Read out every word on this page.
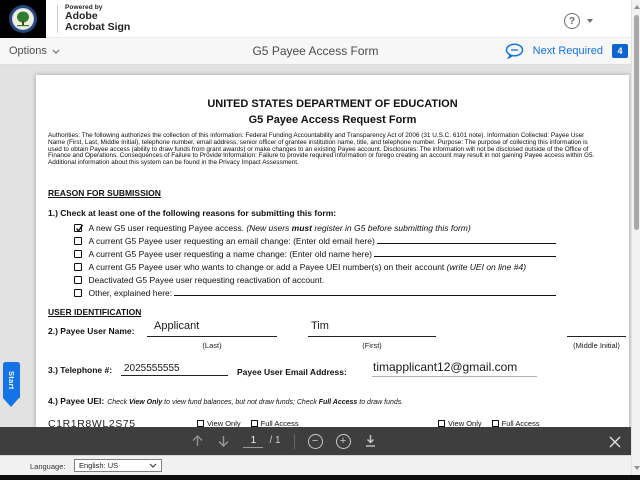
Powered by
Adobe
Acrobat Sign	?
Options	G5 Payee Access Form	Next Required	4
UNITED STATES DEPARTMENT OF EDUCATION
G5 Payee Access Request Form
Authorities: The following authorizes the collection of this information: Federal Funding Accountability and Transparency Act of 2006 (31 U.S.C. 6101 note). Information Collected: Payee User Name (First, Last, Middle Initial), telephone number, email address, senior officer of grantee institution name, title, and telephone number. Purpose: The purpose of collecting this information is used to obtain Payee access (ability to draw funds from grant awards) or make changes to an existing Payee account. Disclosures: The information will not be disclosed outside of the Office of Finance and Operations. Consequences of Failure to Provide Information: Failure to provide required information or forego creating an account may result in not gaining Payee access within G5. Additional information about this system can be found in the Privacy Impact Assessment.
REASON FOR SUBMISSION
1.) Check at least one of the following reasons for submitting this form:
A new G5 user requesting Payee access. (New users must register in G5 before submitting this form)
A current G5 Payee user requesting an email change: (Enter old email here)
A current G5 Payee user requesting a name change: (Enter old name here)
A current G5 Payee user who wants to change or add a Payee UEI number(s) on their account (write UEI on line #4)
Deactivated G5 Payee user requesting reactivation of account.
Other, explained here:
USER IDENTIFICATION
2.) Payee User Name: Applicant
(Last)
Tim
(First)	(Middle Initial)
3.) Telephone #: 2025555555	Payee User Email Address: timapplicant12@gmail.com
4.) Payee UEI: Check View Only to view fund balances, but not draw funds; Check Full Access to draw funds.
C1R1R8WL2S75	View Only	Full Access	View Only	Full Access
Start
1	/ 1	−	+
Language: English: US
